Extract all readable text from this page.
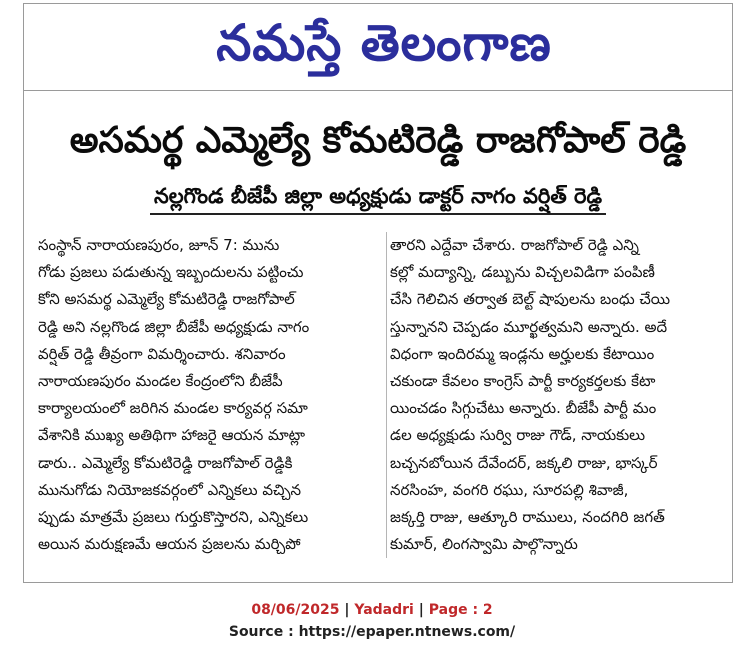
నమస్తే తెలంగాణ
అసమర్థ ఎమ్మెల్యే కోమటిరెడ్డి రాజగోపాల్ రెడ్డి
నల్లగొండ బీజేపీ జిల్లా అధ్యక్షుడు డాక్టర్ నాగం వర్షిత్ రెడ్డి
సంస్థాన్ నారాయణపురం, జూన్ 7: మును
గోడు ప్రజలు పడుతున్న ఇబ్బందులను పట్టించు
కోని అసమర్థ ఎమ్మెల్యే కోమటిరెడ్డి రాజగోపాల్
రెడ్డి అని నల్లగొండ జిల్లా బీజేపీ అధ్యక్షుడు నాగం
వర్షిత్ రెడ్డి తీవ్రంగా విమర్శించారు. శనివారం
నారాయణపురం మండల కేంద్రంలోని బీజేపీ
కార్యాలయంలో జరిగిన మండల కార్యవర్గ సమా
వేశానికి ముఖ్య అతిథిగా హాజరై ఆయన మాట్లా
డారు.. ఎమ్మెల్యే కోమటిరెడ్డి రాజగోపాల్ రెడ్డికి
మునుగోడు నియోజకవర్గంలో ఎన్నికలు వచ్చిన
ప్పుడు మాత్రమే ప్రజలు గుర్తుకొస్తారని, ఎన్నికలు
అయిన మరుక్షణమే ఆయన ప్రజలను మర్చిపో
తారని ఎద్దేవా చేశారు. రాజగోపాల్ రెడ్డి ఎన్ని
కల్లో మద్యాన్ని, డబ్బును విచ్చలవిడిగా పంపిణీ
చేసి గెలిచిన తర్వాత బెల్ట్ షాపులను బంధు చేయి
స్తున్నానని చెప్పడం మూర్ఖత్వమని అన్నారు. అదే
విధంగా ఇందిరమ్మ ఇండ్లను అర్హులకు కేటాయిం
చకుండా కేవలం కాంగ్రెస్ పార్టీ కార్యకర్తలకు కేటా
యించడం సిగ్గుచేటు అన్నారు. బీజేపీ పార్టీ మం
డల అధ్యక్షుడు సుర్వి రాజు గౌడ్, నాయకులు
బచ్చనబోయిన దేవేందర్, జక్కలి రాజు, భాస్కర్
నరసింహ, వంగరి రఘు, సూరపల్లి శివాజీ,
జక్కర్తి రాజు, ఆత్కూరి రాములు, నందగిరి జగత్
కుమార్, లింగస్వామి పాల్గొన్నారు
08/06/2025 | Yadadri | Page : 2
Source : https://epaper.ntnews.com/
